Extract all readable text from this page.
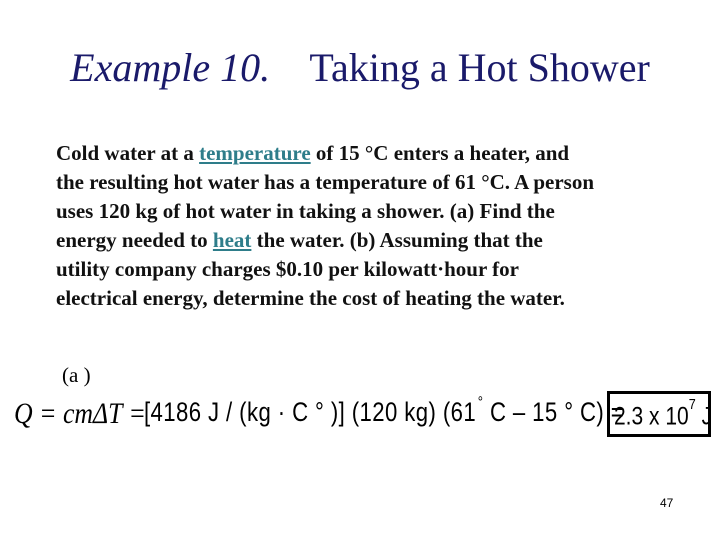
Example 10. Taking a Hot Shower
Cold water at a temperature of 15 °C enters a heater, and
the resulting hot water has a temperature of 61 °C. A person
uses 120 kg of hot water in taking a shower. (a) Find the
energy needed to heat the water. (b) Assuming that the
utility company charges $0.10 per kilowatt·hour for
electrical energy, determine the cost of heating the water.
(a )
Q = cmΔT =
[4186 J / (kg · C ° )] (120 kg) (61 ° C – 15 ° C) =
2.3 x $10^7$ J
47
